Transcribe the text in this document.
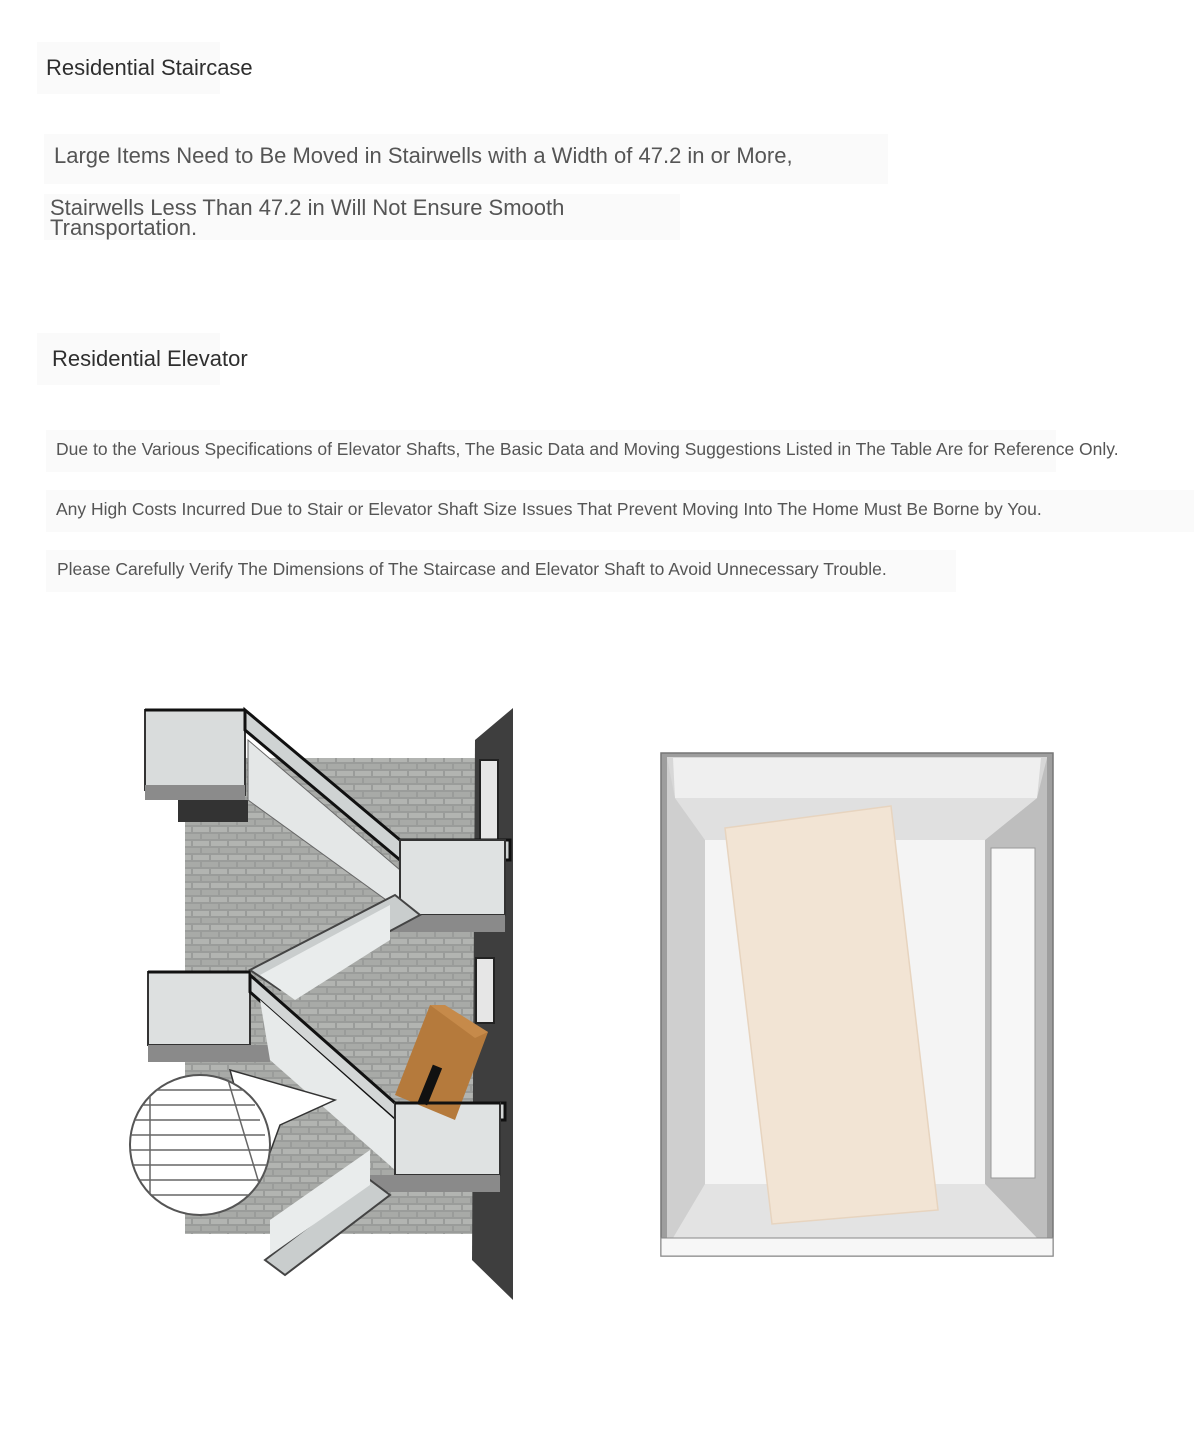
Residential Staircase
Large Items Need to Be Moved in Stairwells with a Width of 47.2 in or More,
Stairwells Less Than 47.2 in Will Not Ensure Smooth
Transportation.
Residential Elevator
Due to the Various Specifications of Elevator Shafts, The Basic Data and Moving Suggestions Listed in The Table Are for Reference Only.
Any High Costs Incurred Due to Stair or Elevator Shaft Size Issues That Prevent Moving Into The Home Must Be Borne by You.
Please Carefully Verify The Dimensions of The Staircase and Elevator Shaft to Avoid Unnecessary Trouble.
